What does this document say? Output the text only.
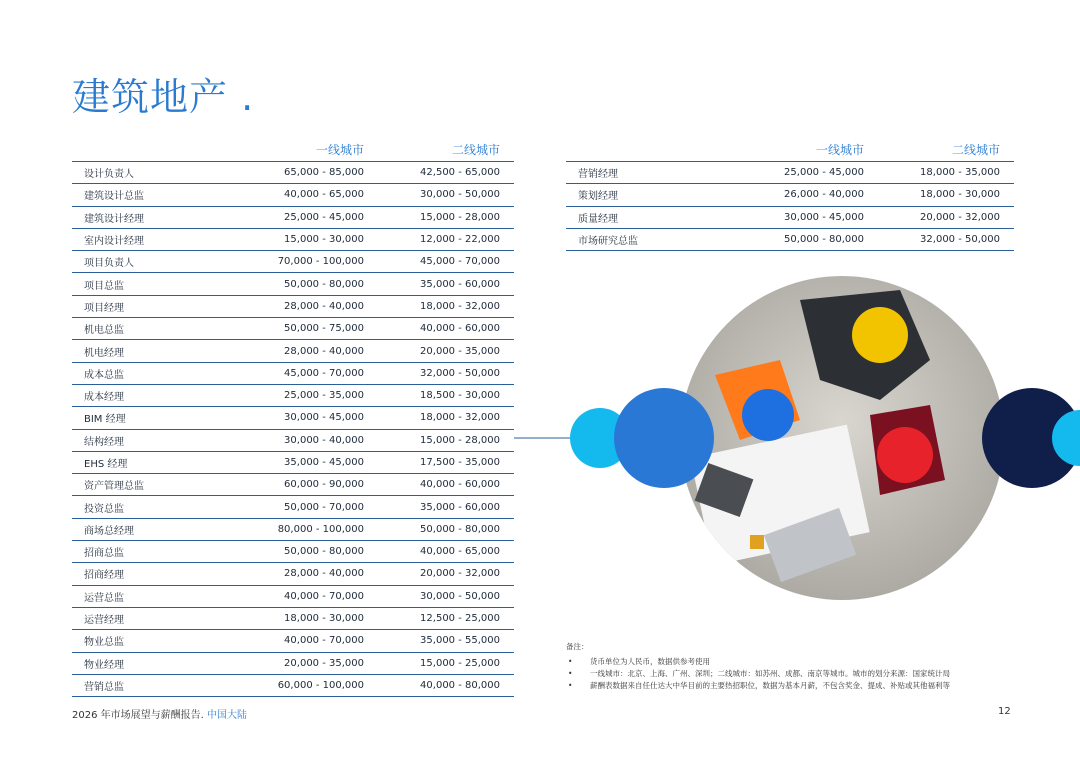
建筑地产 .
一线城市	二线城市
设计负责人	65,000 - 85,000	42,500 - 65,000
建筑设计总监	40,000 - 65,000	30,000 - 50,000
建筑设计经理	25,000 - 45,000	15,000 - 28,000
室内设计经理	15,000 - 30,000	12,000 - 22,000
项目负责人	70,000 - 100,000	45,000 - 70,000
项目总监	50,000 - 80,000	35,000 - 60,000
项目经理	28,000 - 40,000	18,000 - 32,000
机电总监	50,000 - 75,000	40,000 - 60,000
机电经理	28,000 - 40,000	20,000 - 35,000
成本总监	45,000 - 70,000	32,000 - 50,000
成本经理	25,000 - 35,000	18,500 - 30,000
BIM 经理	30,000 - 45,000	18,000 - 32,000
结构经理	30,000 - 40,000	15,000 - 28,000
EHS 经理	35,000 - 45,000	17,500 - 35,000
资产管理总监	60,000 - 90,000	40,000 - 60,000
投资总监	50,000 - 70,000	35,000 - 60,000
商场总经理	80,000 - 100,000	50,000 - 80,000
招商总监	50,000 - 80,000	40,000 - 65,000
招商经理	28,000 - 40,000	20,000 - 32,000
运营总监	40,000 - 70,000	30,000 - 50,000
运营经理	18,000 - 30,000	12,500 - 25,000
物业总监	40,000 - 70,000	35,000 - 55,000
物业经理	20,000 - 35,000	15,000 - 25,000
营销总监	60,000 - 100,000	40,000 - 80,000
一线城市	二线城市
营销经理	25,000 - 45,000	18,000 - 35,000
策划经理	26,000 - 40,000	18,000 - 30,000
质量经理	30,000 - 45,000	20,000 - 32,000
市场研究总监	50,000 - 80,000	32,000 - 50,000
备注：
• 货币单位为人民币，数据供参考使用
• 一线城市：北京、上海、广州、深圳；二线城市：如苏州、成都、南京等城市。城市的划分来源：国家统计局
• 薪酬表数据来自任仕达大中华目前的主要热招职位，数据为基本月薪，不包含奖金、提成、补贴或其他福利等
2026 年市场展望与薪酬报告. 中国大陆	12
